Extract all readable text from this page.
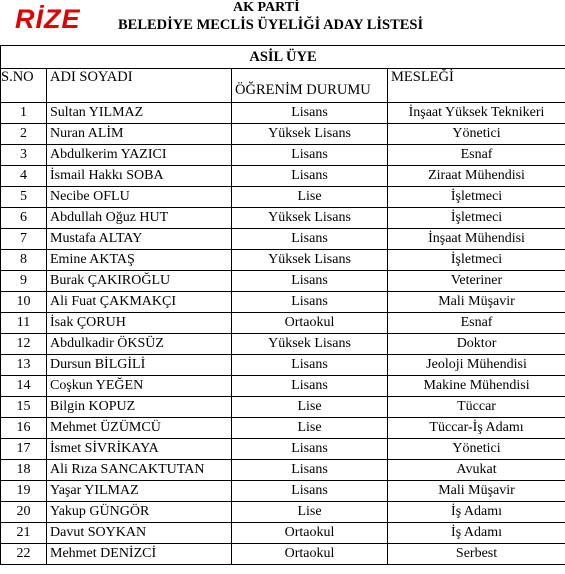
RİZE	AK PARTİ
BELEDİYE MECLİS ÜYELİĞİ ADAY LİSTESİ
ASİL ÜYE			
S.NO	ADI SOYADI	ÖĞRENİM DURUMU	MESLEĞİ
1	Sultan YILMAZ	Lisans	İnşaat Yüksek Teknikeri
2	Nuran ALİM	Yüksek Lisans	Yönetici
3	Abdulkerim YAZICI	Lisans	Esnaf
4	İsmail Hakkı SOBA	Lisans	Ziraat Mühendisi
5	Necibe OFLU	Lise	İşletmeci
6	Abdullah Oğuz HUT	Yüksek Lisans	İşletmeci
7	Mustafa ALTAY	Lisans	İnşaat Mühendisi
8	Emine AKTAŞ	Yüksek Lisans	İşletmeci
9	Burak ÇAKIROĞLU	Lisans	Veteriner
10	Ali Fuat ÇAKMAKÇI	Lisans	Mali Müşavir
11	İsak ÇORUH	Ortaokul	Esnaf
12	Abdulkadir ÖKSÜZ	Yüksek Lisans	Doktor
13	Dursun BİLGİLİ	Lisans	Jeoloji Mühendisi
14	Coşkun YEĞEN	Lisans	Makine Mühendisi
15	Bilgin KOPUZ	Lise	Tüccar
16	Mehmet ÜZÜMCÜ	Lise	Tüccar-İş Adamı
17	İsmet SİVRİKAYA	Lisans	Yönetici
18	Ali Rıza SANCAKTUTAN	Lisans	Avukat
19	Yaşar YILMAZ	Lisans	Mali Müşavir
20	Yakup GÜNGÖR	Lise	İş Adamı
21	Davut SOYKAN	Ortaokul	İş Adamı
22	Mehmet DENİZCİ	Ortaokul	Serbest
